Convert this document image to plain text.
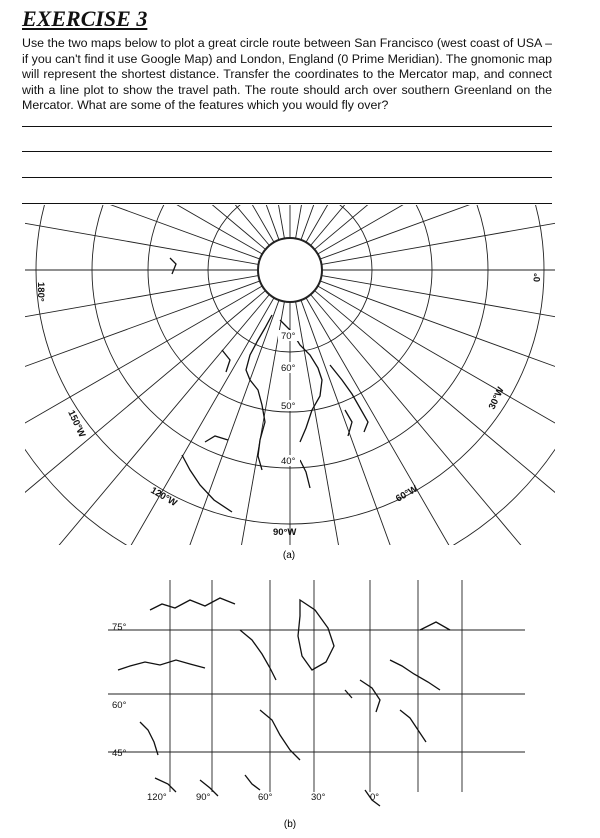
EXERCISE 3
Use the two maps below to plot a great circle route between San Francisco (west coast of USA – if you can't find it use Google Map) and London, England (0 Prime Meridian). The gnomonic map will represent the shortest distance. Transfer the coordinates to the Mercator map, and connect with a line plot to show the travel path. The route should arch over southern Greenland on the Mercator. What are some of the features which you would fly over?
70°
60°
50°
40°
180°
150°W
120°W
90°W
60°W
30°W
0°
(a)
75°
60°
45°
120°	90°	60°	30°	0°
(b)
